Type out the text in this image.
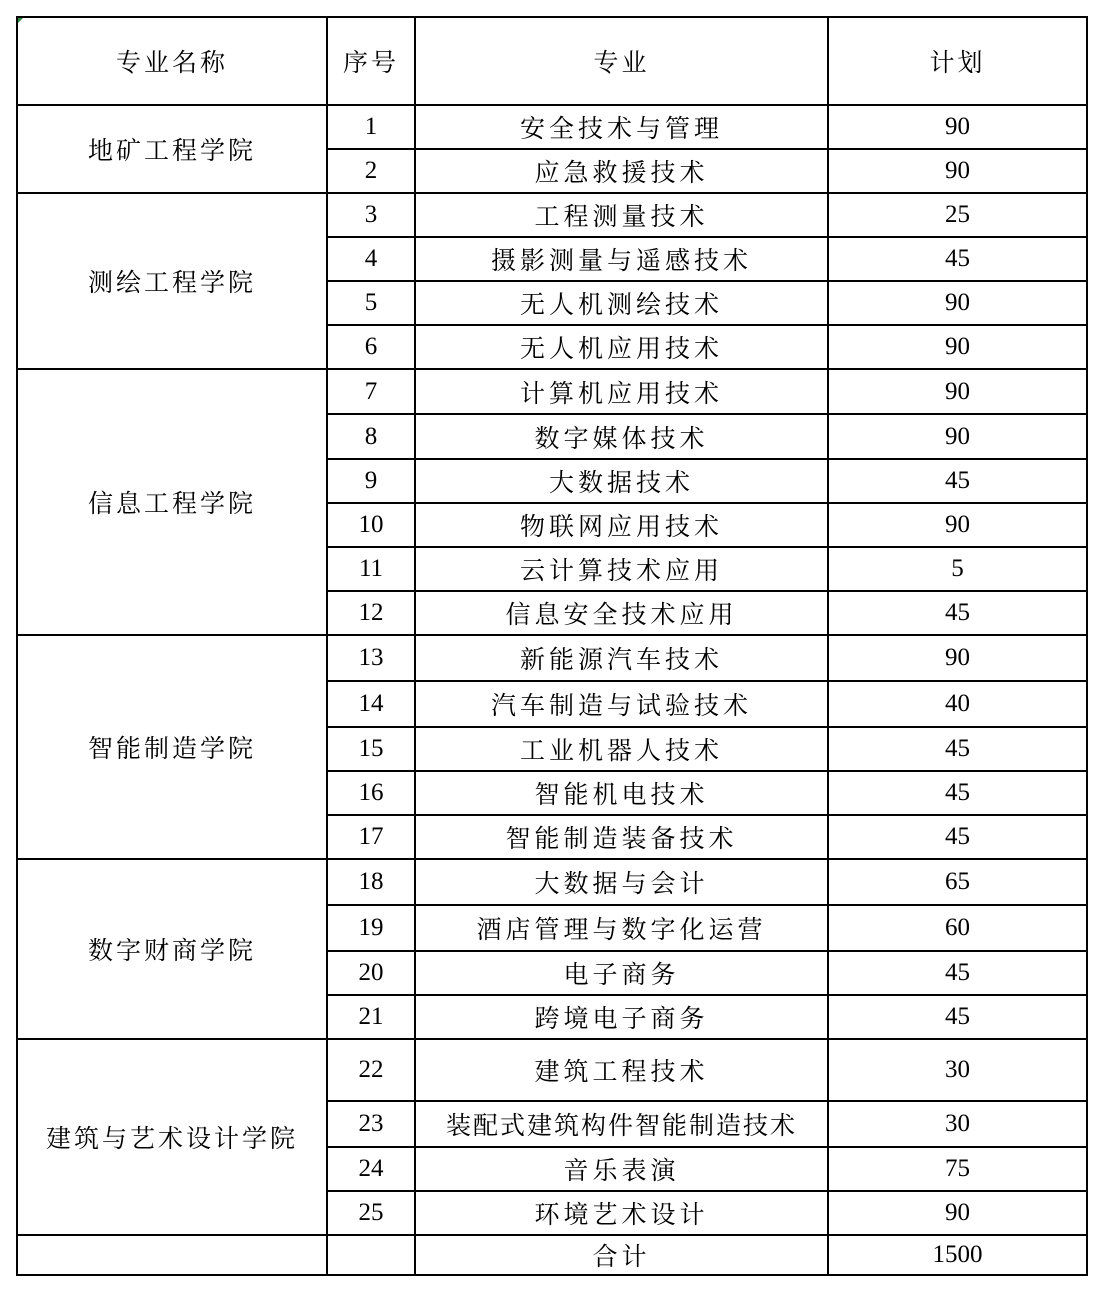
专业名称	序号	专业	计划
地矿工程学院	1	安全技术与管理	90
	2	应急救援技术	90
测绘工程学院	3	工程测量技术	25
	4	摄影测量与遥感技术	45
	5	无人机测绘技术	90
	6	无人机应用技术	90
信息工程学院	7	计算机应用技术	90
	8	数字媒体技术	90
	9	大数据技术	45
	10	物联网应用技术	90
	11	云计算技术应用	5
	12	信息安全技术应用	45
智能制造学院	13	新能源汽车技术	90
	14	汽车制造与试验技术	40
	15	工业机器人技术	45
	16	智能机电技术	45
	17	智能制造装备技术	45
数字财商学院	18	大数据与会计	65
	19	酒店管理与数字化运营	60
	20	电子商务	45
	21	跨境电子商务	45
建筑与艺术设计学院	22	建筑工程技术	30
	23	装配式建筑构件智能制造技术	30
	24	音乐表演	75
	25	环境艺术设计	90
		合计	1500
